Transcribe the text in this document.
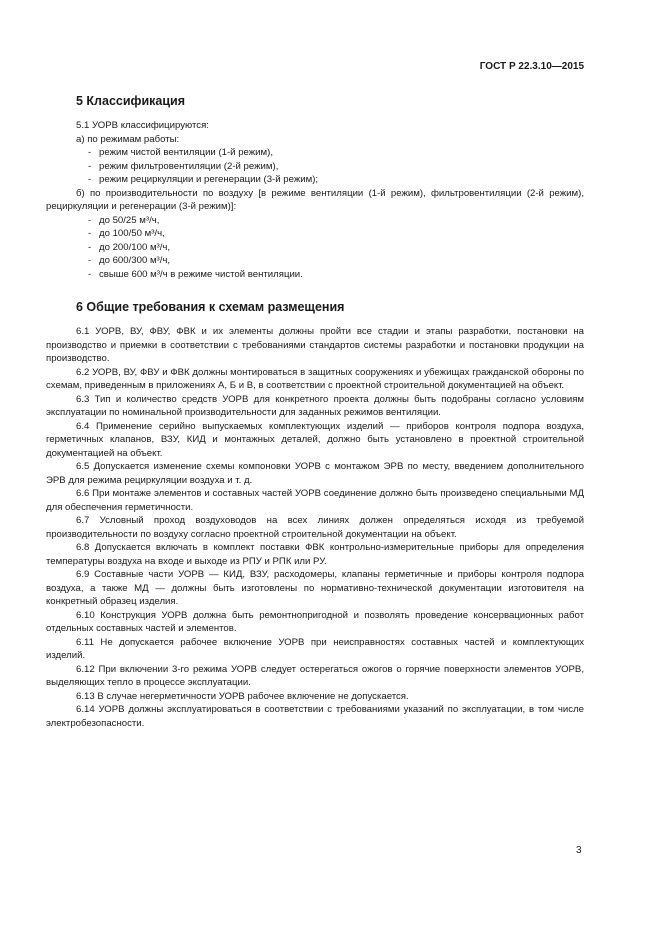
ГОСТ Р 22.3.10—2015
5 Классификация

5.1 УОРВ классифицируются:

а) по режимам работы:

- режим чистой вентиляции (1-й режим),

- режим фильтровентиляции (2-й режим),

- режим рециркуляции и регенерации (3-й режим);

б) по производительности по воздуху [в режиме вентиляции (1-й режим), фильтровентиляции (2-й режим), рециркуляции и регенерации (3-й режим)]:

- до 50/25 м³/ч,

- до 100/50 м³/ч,

- до 200/100 м³/ч,

- до 600/300 м³/ч,

- свыше 600 м³/ч в режиме чистой вентиляции.

6 Общие требования к схемам размещения

6.1 УОРВ, ВУ, ФВУ, ФВК и их элементы должны пройти все стадии и этапы разработки, постановки на производство и приемки в соответствии с требованиями стандартов системы разработки и постановки продукции на производство.

6.2 УОРВ, ВУ, ФВУ и ФВК должны монтироваться в защитных сооружениях и убежищах гражданской обороны по схемам, приведенным в приложениях А, Б и В, в соответствии с проектной строительной документацией на объект.

6.3 Тип и количество средств УОРВ для конкретного проекта должны быть подобраны согласно условиям эксплуатации по номинальной производительности для заданных режимов вентиляции.

6.4 Применение серийно выпускаемых комплектующих изделий — приборов контроля подпора воздуха, герметичных клапанов, ВЗУ, КИД и монтажных деталей, должно быть установлено в проектной строительной документацией на объект.

6.5 Допускается изменение схемы компоновки УОРВ с монтажом ЭРВ по месту, введением дополнительного ЭРВ для режима рециркуляции воздуха и т. д.

6.6 При монтаже элементов и составных частей УОРВ соединение должно быть произведено специальными МД для обеспечения герметичности.

6.7 Условный проход воздуховодов на всех линиях должен определяться исходя из требуемой производительности по воздуху согласно проектной строительной документации на объект.

6.8 Допускается включать в комплект поставки ФВК контрольно-измерительные приборы для определения температуры воздуха на входе и выходе из РПУ и РПК или РУ.

6.9 Составные части УОРВ — КИД, ВЗУ, расходомеры, клапаны герметичные и приборы контроля подпора воздуха, а также МД — должны быть изготовлены по нормативно-технической документации изготовителя на конкретный образец изделия.

6.10 Конструкция УОРВ должна быть ремонтнопригодной и позволять проведение консервационных работ отдельных составных частей и элементов.

6.11 Не допускается рабочее включение УОРВ при неисправностях составных частей и комплектующих изделий.

6.12 При включении 3-го режима УОРВ следует остерегаться ожогов о горячие поверхности элементов УОРВ, выделяющих тепло в процессе эксплуатации.

6.13 В случае негерметичности УОРВ рабочее включение не допускается.

6.14 УОРВ должны эксплуатироваться в соответствии с требованиями указаний по эксплуатации, в том числе электробезопасности.

3
